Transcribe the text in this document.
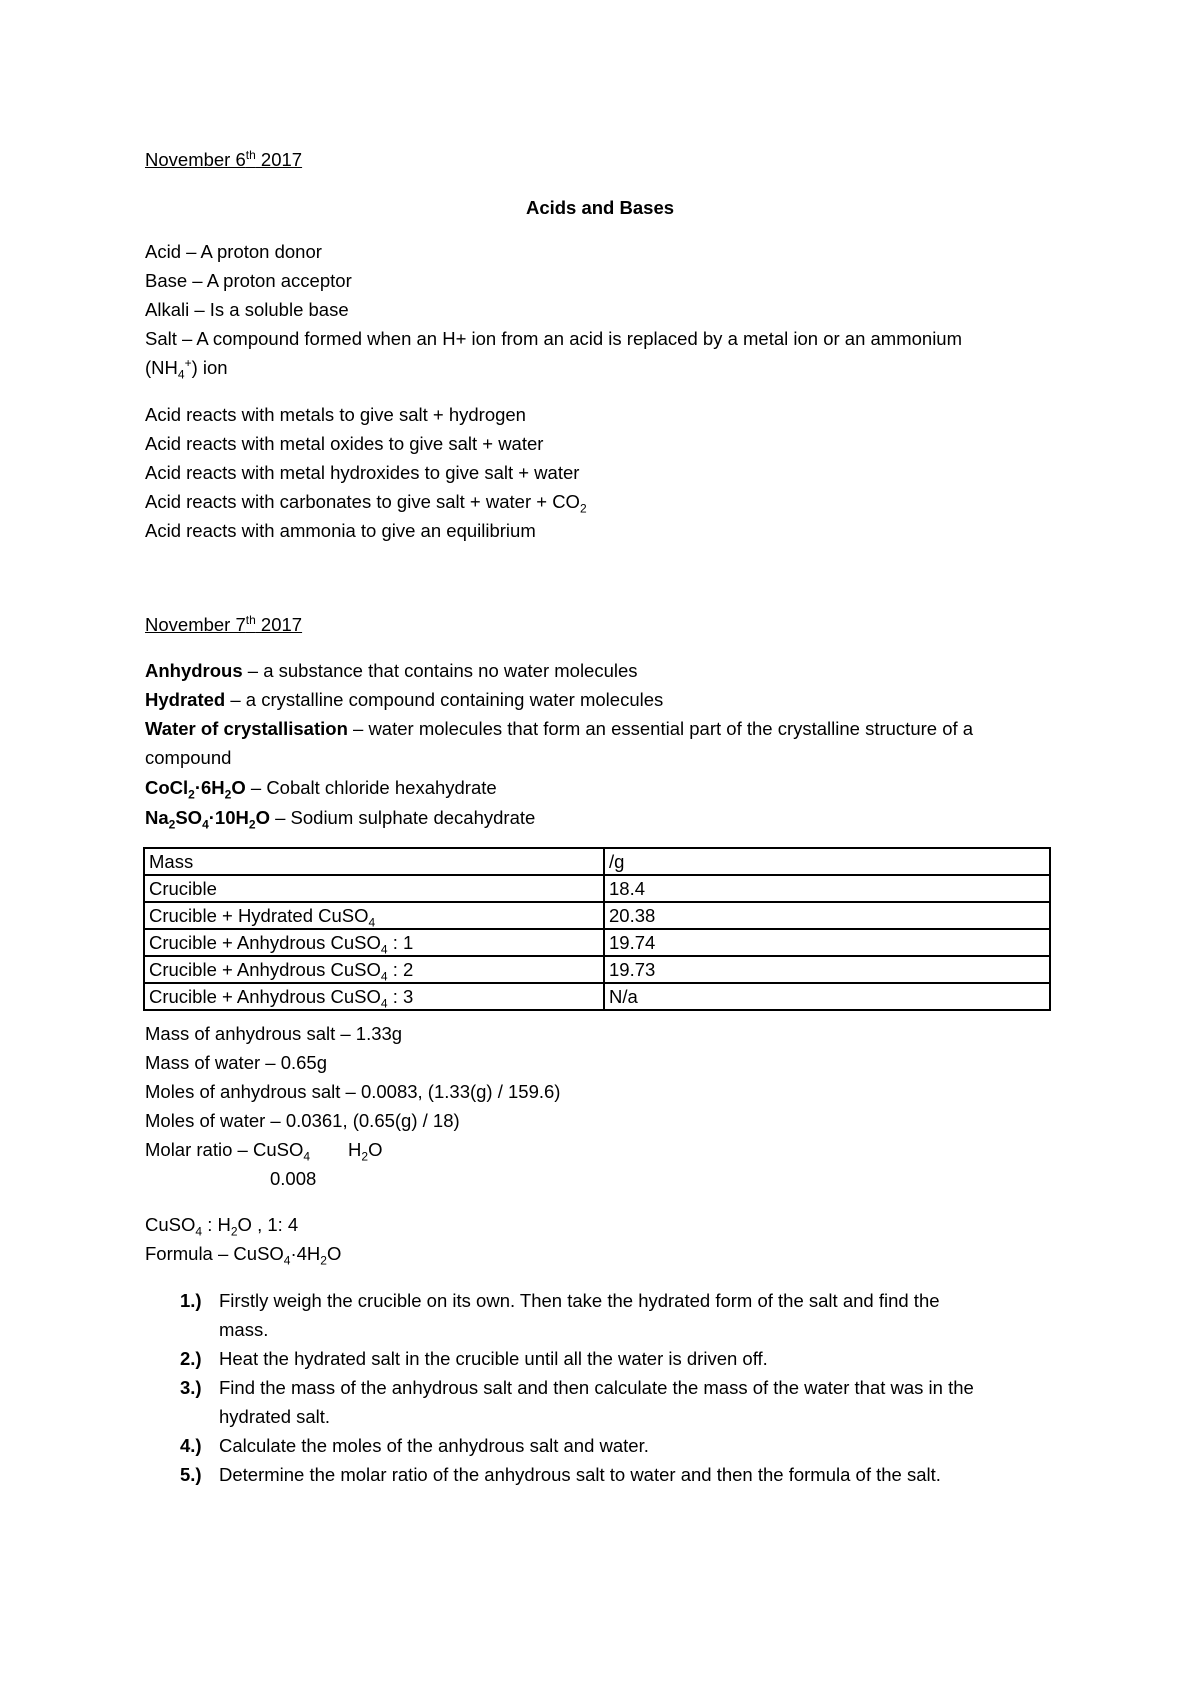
November 6th 2017
Acids and Bases
Acid – A proton donor
Base – A proton acceptor
Alkali – Is a soluble base
Salt – A compound formed when an H+ ion from an acid is replaced by a metal ion or an ammonium
$(NH_4^+)$ ion
Acid reacts with metals to give salt + hydrogen
Acid reacts with metal oxides to give salt + water
Acid reacts with metal hydroxides to give salt + water
Acid reacts with carbonates to give salt + water + $CO_2$
Acid reacts with ammonia to give an equilibrium
November 7th 2017
Anhydrous – a substance that contains no water molecules
Hydrated – a crystalline compound containing water molecules
Water of crystallisation – water molecules that form an essential part of the crystalline structure of a
compound
$CoCl_2\cdot 6H_2O$ – Cobalt chloride hexahydrate
$Na_2SO_4\cdot 10H_2O$ – Sodium sulphate decahydrate
Mass	/g
Crucible	18.4
Crucible + Hydrated CuSO$_4$	20.38
Crucible + Anhydrous CuSO$_4$ : 1	19.74
Crucible + Anhydrous CuSO$_4$ : 2	19.73
Crucible + Anhydrous CuSO$_4$ : 3	N/a
Mass of anhydrous salt – 1.33g
Mass of water – 0.65g
Moles of anhydrous salt – 0.0083, (1.33(g) / 159.6)
Moles of water – 0.0361, (0.65(g) / 18)
Molar ratio – CuSO$_4$ $H_2O$
0.008
CuSO$_4$ : $H_2O$ , 1: 4
Formula – $CuSO_4\cdot 4H_2O$
1.) Firstly weigh the crucible on its own. Then take the hydrated form of the salt and find the
mass.
2.) Heat the hydrated salt in the crucible until all the water is driven off.
3.) Find the mass of the anhydrous salt and then calculate the mass of the water that was in the
hydrated salt.
4.) Calculate the moles of the anhydrous salt and water.
5.) Determine the molar ratio of the anhydrous salt to water and then the formula of the salt.
